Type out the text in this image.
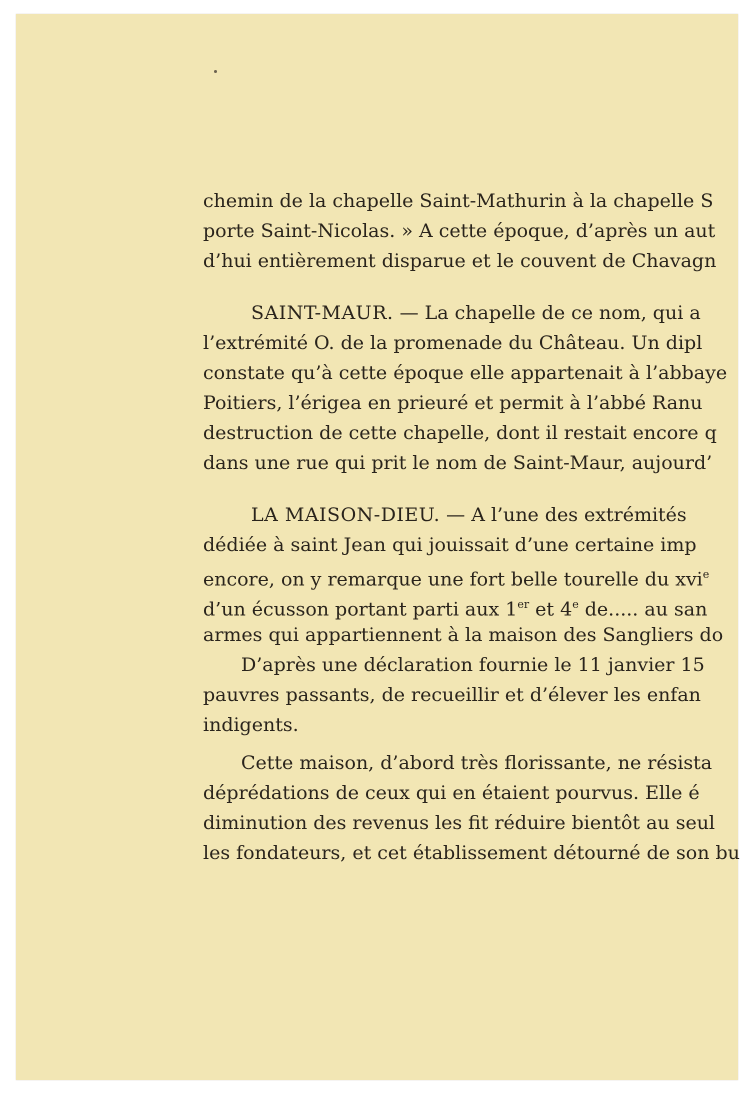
chemin de la chapelle Saint-Mathurin à la chapelle S
porte Saint-Nicolas. » A cette époque, d’après un aut
d’hui entièrement disparue et le couvent de Chavagn
SAINT-MAUR. — La chapelle de ce nom, qui a
l’extrémité O. de la promenade du Château. Un dipl
constate qu’à cette époque elle appartenait à l’abbaye
Poitiers, l’érigea en prieuré et permit à l’abbé Ranu
destruction de cette chapelle, dont il restait encore q
dans une rue qui prit le nom de Saint-Maur, aujourd’
LA MAISON-DIEU. — A l’une des extrémités
dédiée à saint Jean qui jouissait d’une certaine imp
encore, on y remarque une fort belle tourelle du xvi$^e$
d’un écusson portant parti aux 1er et 4e de..... au san
armes qui appartiennent à la maison des Sangliers do
D’après une déclaration fournie le 11 janvier 15
pauvres passants, de recueillir et d’élever les enfan
indigents.
Cette maison, d’abord très florissante, ne résista
déprédations de ceux qui en étaient pourvus. Elle é
diminution des revenus les fit réduire bientôt au seul
les fondateurs, et cet établissement détourné de son bu
